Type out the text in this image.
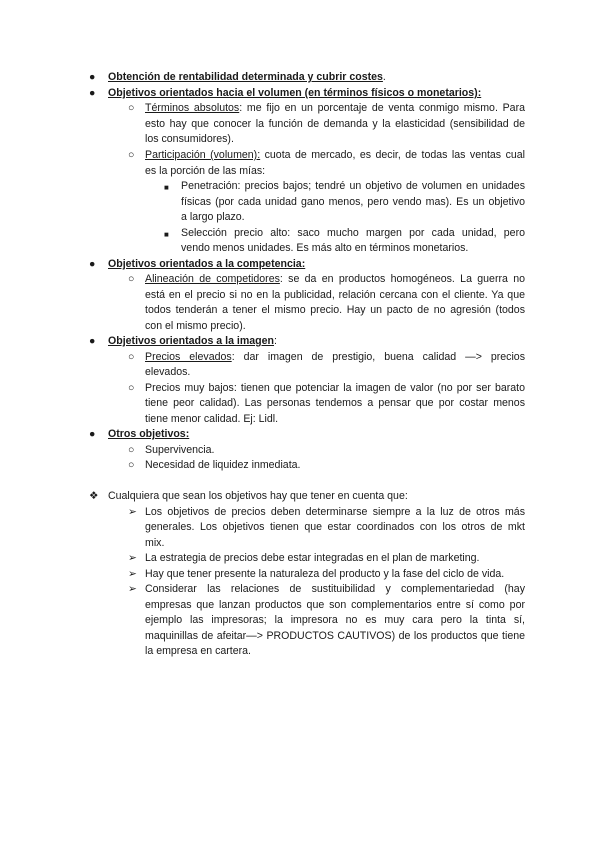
● Obtención de rentabilidad determinada y cubrir costes.
● Objetivos orientados hacia el volumen (en términos físicos o monetarios):
○ Términos absolutos: me fijo en un porcentaje de venta conmigo mismo. Para
esto hay que conocer la función de demanda y la elasticidad (sensibilidad de
los consumidores).
○ Participación (volumen): cuota de mercado, es decir, de todas las ventas cual
es la porción de las mías:
■ Penetración: precios bajos; tendré un objetivo de volumen en unidades
físicas (por cada unidad gano menos, pero vendo mas). Es un objetivo
a largo plazo.
■ Selección precio alto: saco mucho margen por cada unidad, pero
vendo menos unidades. Es más alto en términos monetarios.
● Objetivos orientados a la competencia:
○ Alineación de competidores: se da en productos homogéneos. La guerra no
está en el precio si no en la publicidad, relación cercana con el cliente. Ya que
todos tenderán a tener el mismo precio. Hay un pacto de no agresión (todos
con el mismo precio).
● Objetivos orientados a la imagen:
○ Precios elevados: dar imagen de prestigio, buena calidad —> precios
elevados.
○ Precios muy bajos: tienen que potenciar la imagen de valor (no por ser barato
tiene peor calidad). Las personas tendemos a pensar que por costar menos
tiene menor calidad. Ej: Lidl.
● Otros objetivos:
○ Supervivencia.
○ Necesidad de liquidez inmediata.
❖ Cualquiera que sean los objetivos hay que tener en cuenta que:
➢ Los objetivos de precios deben determinarse siempre a la luz de otros más
generales. Los objetivos tienen que estar coordinados con los otros de mkt
mix.
➢ La estrategia de precios debe estar integradas en el plan de marketing.
➢ Hay que tener presente la naturaleza del producto y la fase del ciclo de vida.
➢ Considerar las relaciones de sustituibilidad y complementariedad (hay
empresas que lanzan productos que son complementarios entre sí como por
ejemplo las impresoras; la impresora no es muy cara pero la tinta sí,
maquinillas de afeitar—> PRODUCTOS CAUTIVOS) de los productos que tiene
la empresa en cartera.
